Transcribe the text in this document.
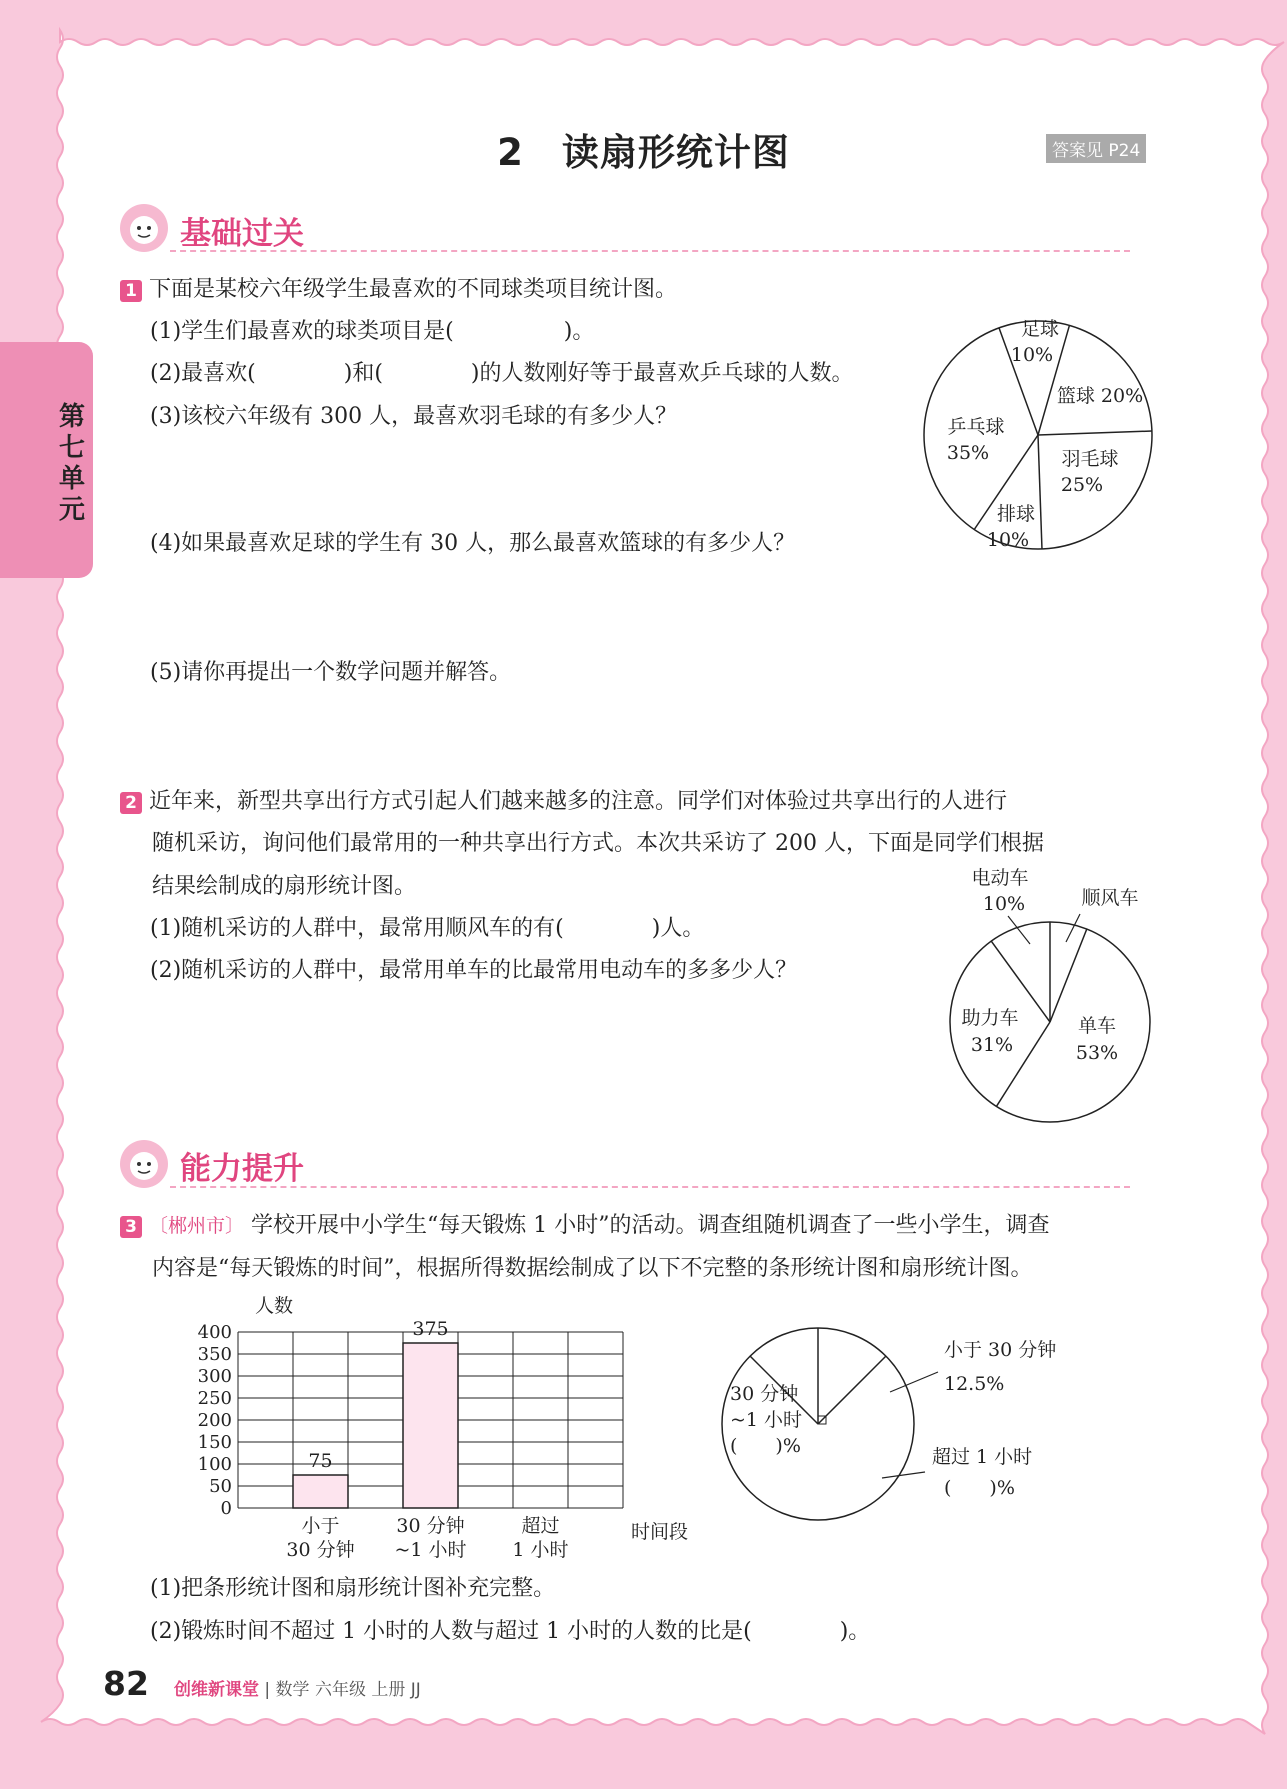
2　读扇形统计图	答案见 P24
第
七
单
元
基础过关
1 下面是某校六年级学生最喜欢的不同球类项目统计图。
(1)学生们最喜欢的球类项目是(　　　　　)。
(2)最喜欢(　　　　)和(　　　　)的人数刚好等于最喜欢乒乓球的人数。
(3)该校六年级有 300 人，最喜欢羽毛球的有多少人？
(4)如果最喜欢足球的学生有 30 人，那么最喜欢篮球的有多少人？
(5)请你再提出一个数学问题并解答。
足球
10%
篮球 20%
羽毛球
25%
排球
10%
乒乓球
35%
2 近年来，新型共享出行方式引起人们越来越多的注意。同学们对体验过共享出行的人进行
随机采访，询问他们最常用的一种共享出行方式。本次共采访了 200 人，下面是同学们根据
结果绘制成的扇形统计图。
(1)随机采访的人群中，最常用顺风车的有(　　　　)人。
(2)随机采访的人群中，最常用单车的比最常用电动车的多多少人？
电动车
10%	顺风车
单车
53%
助力车
31%
能力提升
3 〔郴州市〕 学校开展中小学生“每天锻炼 1 小时”的活动。调查组随机调查了一些小学生，调查
内容是“每天锻炼的时间”，根据所得数据绘制成了以下不完整的条形统计图和扇形统计图。
0
50
100
150
200
250
300
350
400
人数
时间段
75
小于
30 分钟
375
30 分钟
~1 小时
超过
1 小时
小于 30 分钟
12.5%
30 分钟
~1 小时
(　　)%	超过 1 小时
(　　)%
(1)把条形统计图和扇形统计图补充完整。
(2)锻炼时间不超过 1 小时的人数与超过 1 小时的人数的比是(　　　　)。
82 创维新课堂 | 数学 六年级 上册 JJ
